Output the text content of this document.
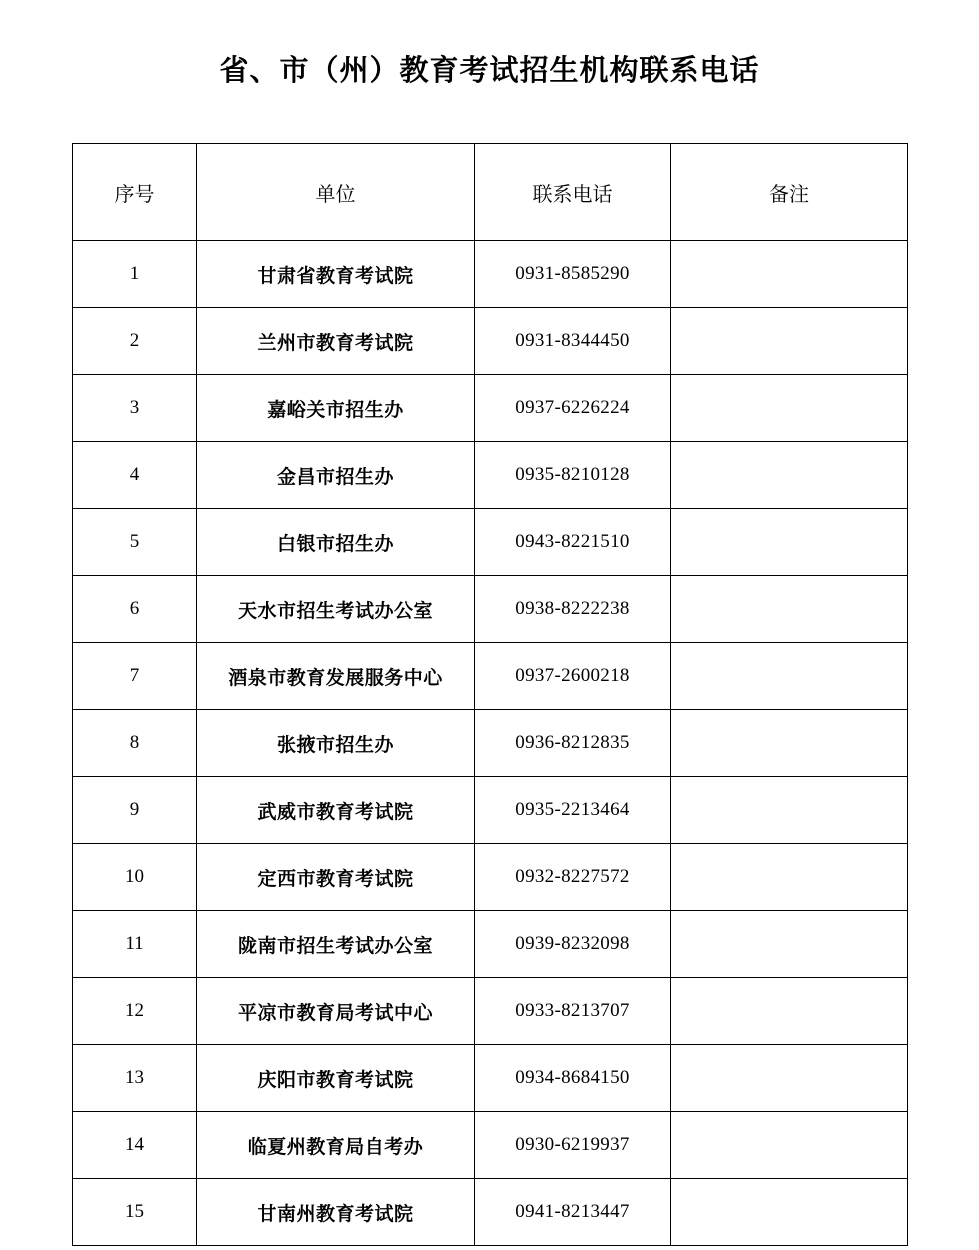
省、市（州）教育考试招生机构联系电话
序号	单位	联系电话	备注
1	甘肃省教育考试院	0931-8585290	
2	兰州市教育考试院	0931-8344450	
3	嘉峪关市招生办	0937-6226224	
4	金昌市招生办	0935-8210128	
5	白银市招生办	0943-8221510	
6	天水市招生考试办公室	0938-8222238	
7	酒泉市教育发展服务中心	0937-2600218	
8	张掖市招生办	0936-8212835	
9	武威市教育考试院	0935-2213464	
10	定西市教育考试院	0932-8227572	
11	陇南市招生考试办公室	0939-8232098	
12	平凉市教育局考试中心	0933-8213707	
13	庆阳市教育考试院	0934-8684150	
14	临夏州教育局自考办	0930-6219937	
15	甘南州教育考试院	0941-8213447	
